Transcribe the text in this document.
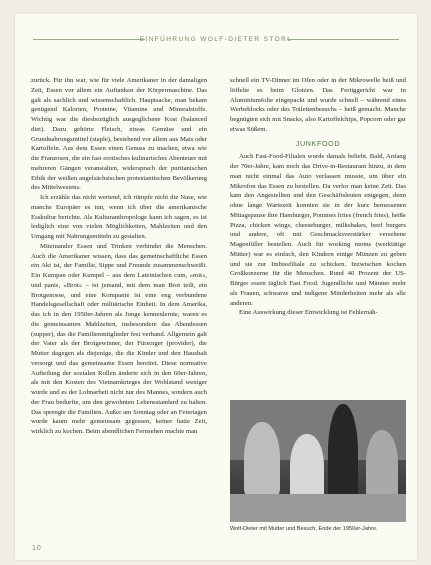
EINFÜHRUNG WOLF-DIETER STORL

zurück. Für ihn war, wie für viele Amerikaner in der damaligen Zeit, Essen vor allem ein Auftanken der Körpermaschine. Das galt als sachlich und wissenschaftlich. Hauptsache, man bekam genügend Kalorien, Proteine, Vitamine und Mineralstoffe. Wichtig war die diesbezüglich ausgeglichene Kost (balanced diet). Dazu gehörte Fleisch, etwas Gemüse und ein Grundnahrungsmittel (staple), bestehend vor allem aus Mais oder Kartoffeln. Aus dem Essen einen Genuss zu machen, etwa wie die Franzosen, die ein fast erotisches kulinarisches Abenteuer mit mehreren Gängen veranstalten, widersprach der puritanischen Ethik der weißen angelsächsischen protestantischen Bevölkerung des Mittelwestens.

Ich erzähle das nicht wertend, ich rümpfe nicht die Nase, wie manche Europäer es tun, wenn ich über die amerikanische Esskultur berichte. Als Kulturanthropologe kann ich sagen, es ist lediglich eine von vielen Möglichkeiten, Mahlzeiten und den Umgang mit Nahrungsmitteln zu gestalten.

Miteinander Essen und Trinken verbindet die Menschen. Auch die Amerikaner wissen, dass das gemeinschaftliche Essen ein Akt ist, der Familie, Sippe und Freunde zusammenschweißt. Ein Kumpan oder Kumpel – aus dem Lateinischen cum, »mit«, und panis, »Brot« – ist jemand, mit dem man Brot teilt, ein Brotgenosse, und eine Kompanie ist eine eng verbundene Handelsgesellschaft oder militärische Einheit. In dem Amerika, das ich in den 1950er-Jahren als Junge kennenlernte, waren es die gemeinsamen Mahlzeiten, insbesondere das Abendessen (supper), das die Familienmitglieder fest verband. Allgemein galt der Vater als der Brotgewinner, der Fürsorger (provider), die Mutter dagegen als diejenige, die die Kinder und den Haushalt versorgt und das gemeinsame Essen bereitet. Diese normative Aufteilung der sozialen Rollen änderte sich in den 60er-Jahren, als mit den Kosten des Vietnamkrieges der Wohlstand weniger wurde und es der Lohnarbeit nicht nur des Mannes, sondern auch der Frau bedurfte, um den gewohnten Lebensstandard zu halten. Das sprengte die Familien. Außer am Sonntag oder an Feiertagen wurde kaum mehr gemeinsam gegessen, keiner hatte Zeit, wirklich zu kochen. Beim abendlichen Fernsehen machte man

schnell ein TV-Dinner im Ofen oder in der Mikrowelle heiß und löffelte es beim Glotzen. Das Fertiggericht war in Aluminiumfolie eingepackt und wurde schnell – während eines Werbeblocks oder des Toilettenbesuchs – heiß gemacht. Manche begnügten sich mit Snacks, also Kartoffelchips, Popcorn oder gar etwas Süßem.

JUNKFOOD

Auch Fast-Food-Filialen wurde damals beliebt. Bald, Anfang der 70er-Jahre, kam noch das Drive-in-Restaurant hinzu, in dem man nicht einmal das Auto verlassen musste, um über ein Mikrofon das Essen zu bestellen. Da verlor man keine Zeit. Das kam den Angestellten und den Geschäftsleuten entgegen, denn ohne lange Wartezeit konnten sie in der kurz bemessenen Mittagspause ihre Hamburger, Pommes frites (french fries), heiße Pizza, chicken wings, cheeseburger, milkshakes, beef burgers und andere, oft mit Geschmacksverstärker versehene Magenfüller bestellen. Auch für working moms (werktätige Mütter) war es einfach, den Kindern einige Münzen zu geben und sie zur Imbissfiliale zu schicken. Inzwischen kochen Großkonzerne für die Menschen. Rund 40 Prozent der US-Bürger essen täglich Fast Food. Jugendliche und Männer mehr als Frauen, schwarze und indigene Minderheiten mehr als alle anderen.

Eine Auswirkung dieser Entwicklung ist Fehlernäh-

Wolf-Dieter mit Mutter und Besuch, Ende der 1950er-Jahre.
10
